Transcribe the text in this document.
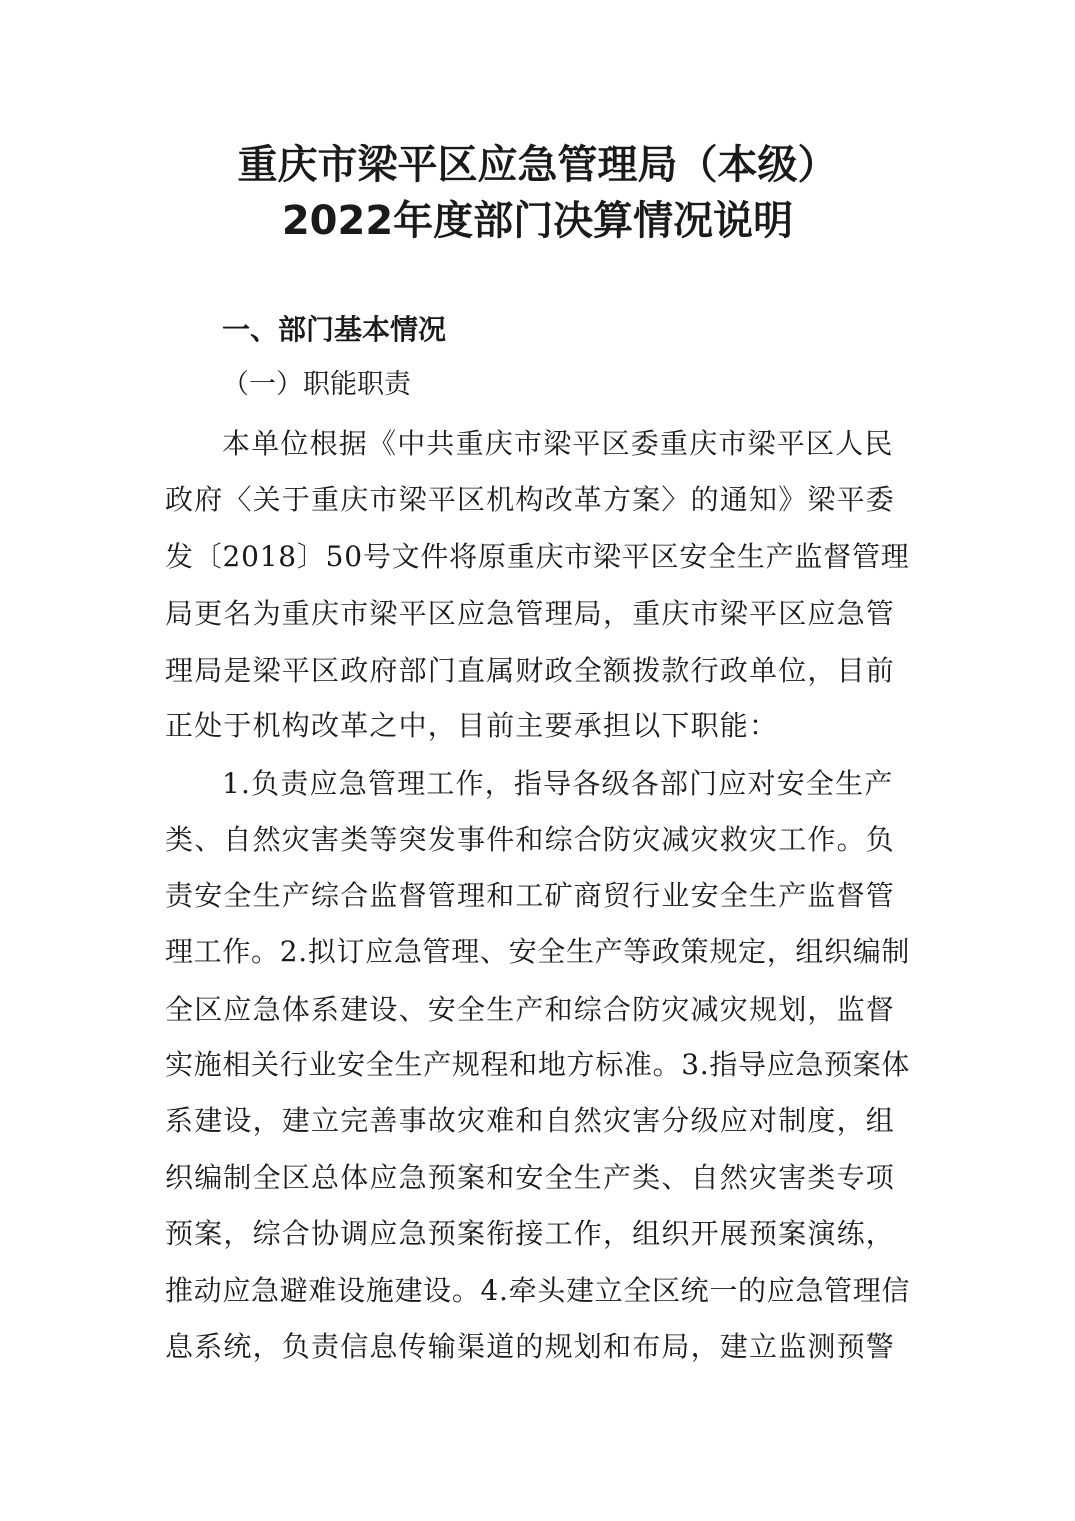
重庆市梁平区应急管理局（本级）
2022年度部门决算情况说明
一、部门基本情况
（一）职能职责
本单位根据《中共重庆市梁平区委重庆市梁平区人民
政府〈关于重庆市梁平区机构改革方案〉的通知》梁平委
发〔2018〕50号文件将原重庆市梁平区安全生产监督管理
局更名为重庆市梁平区应急管理局，重庆市梁平区应急管
理局是梁平区政府部门直属财政全额拨款行政单位，目前
正处于机构改革之中，目前主要承担以下职能：
1.负责应急管理工作，指导各级各部门应对安全生产
类、自然灾害类等突发事件和综合防灾减灾救灾工作。负
责安全生产综合监督管理和工矿商贸行业安全生产监督管
理工作。2.拟订应急管理、安全生产等政策规定，组织编制
全区应急体系建设、安全生产和综合防灾减灾规划，监督
实施相关行业安全生产规程和地方标准。3.指导应急预案体
系建设，建立完善事故灾难和自然灾害分级应对制度，组
织编制全区总体应急预案和安全生产类、自然灾害类专项
预案，综合协调应急预案衔接工作，组织开展预案演练，
推动应急避难设施建设。4.牵头建立全区统一的应急管理信
息系统，负责信息传输渠道的规划和布局，建立监测预警
